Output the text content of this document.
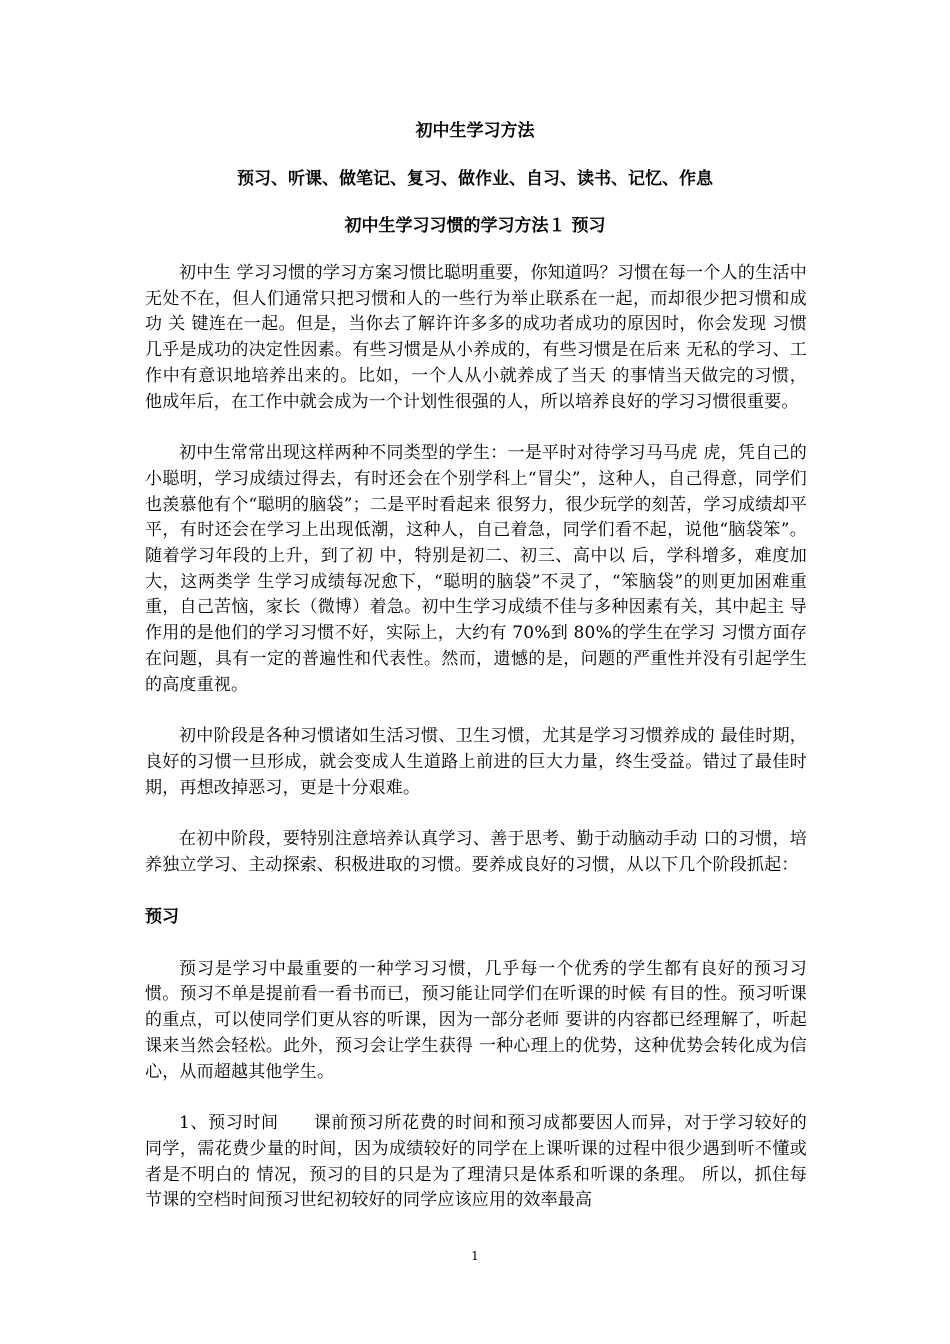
初中生学习方法
预习、听课、做笔记、复习、做作业、自习、读书、记忆、作息
初中生学习习惯的学习方法１ 预习

初中生 学习习惯的学习方案习惯比聪明重要，你知道吗？习惯在每一个人的生活中无处不在，但人们通常只把习惯和人的一些行为举止联系在一起，而却很少把习惯和成功 关 键连在一起。但是，当你去了解许许多多的成功者成功的原因时，你会发现 习惯几乎是成功的决定性因素。有些习惯是从小养成的，有些习惯是在后来 无私的学习、工作中有意识地培养出来的。比如，一个人从小就养成了当天 的事情当天做完的习惯， 他成年后，在工作中就会成为一个计划性很强的人，所以培养良好的学习习惯很重要。

初中生常常出现这样两种不同类型的学生：一是平时对待学习马马虎 虎，凭自己的小聪明，学习成绩过得去，有时还会在个别学科上“冒尖”，这种人，自己得意，同学们也羡慕他有个“聪明的脑袋”；二是平时看起来 很努力，很少玩学的刻苦，学习成绩却平平，有时还会在学习上出现低潮，这种人，自己着急，同学们看不起，说他“脑袋笨”。随着学习年段的上升，到了初 中，特别是初二、初三、高中以 后，学科增多，难度加大，这两类学 生学习成绩每况愈下，“聪明的脑袋”不灵了，“笨脑袋”的则更加困难重 重，自己苦恼，家长（微博）着急。初中生学习成绩不佳与多种因素有关，其中起主 导作用的是他们的学习习惯不好，实际上，大约有 70%到 80%的学生在学习 习惯方面存在问题，具有一定的普遍性和代表性。然而，遗憾的是，问题的严重性并没有引起学生的高度重视。

初中阶段是各种习惯诸如生活习惯、卫生习惯，尤其是学习习惯养成的 最佳时期，良好的习惯一旦形成，就会变成人生道路上前进的巨大力量，终生受益。错过了最佳时期，再想改掉恶习，更是十分艰难。

在初中阶段，要特别注意培养认真学习、善于思考、勤于动脑动手动 口的习惯，培养独立学习、主动探索、积极进取的习惯。要养成良好的习惯，从以下几个阶段抓起：

预习

预习是学习中最重要的一种学习习惯，几乎每一个优秀的学生都有良好的预习习惯。预习不单是提前看一看书而已，预习能让同学们在听课的时候 有目的性。预习听课的重点，可以使同学们更从容的听课，因为一部分老师 要讲的内容都已经理解了，听起课来当然会轻松。此外，预习会让学生获得 一种心理上的优势，这种优势会转化成为信心，从而超越其他学生。

1、预习时间　　课前预习所花费的时间和预习成都要因人而异，对于学习较好的同学，需花费少量的时间，因为成绩较好的同学在上课听课的过程中很少遇到听不懂或者是不明白的 情况，预习的目的只是为了理清只是体系和听课的条理。 所以，抓住每节课的空档时间预习世纪初较好的同学应该应用的效率最高

1
